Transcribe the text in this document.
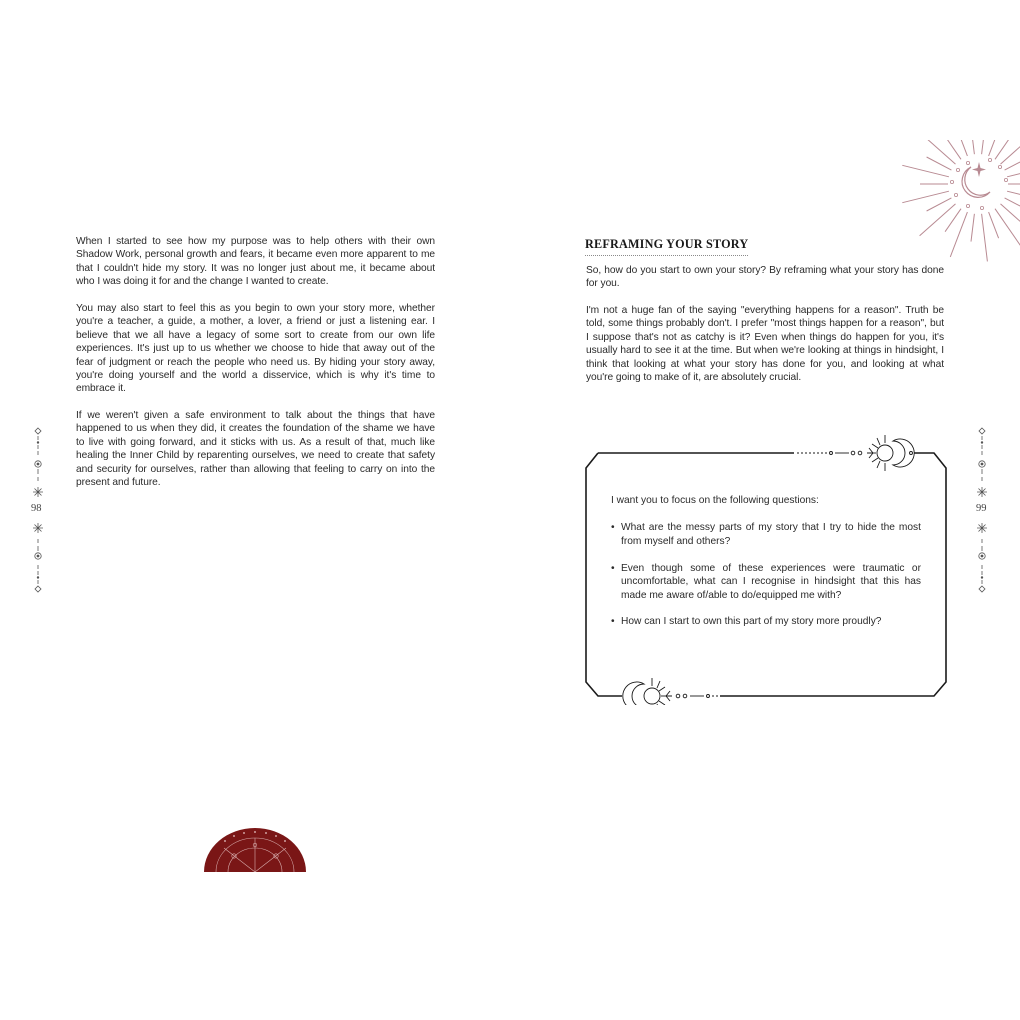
When I started to see how my purpose was to help others with their own Shadow Work, personal growth and fears, it became even more apparent to me that I couldn't hide my story. It was no longer just about me, it became about who I was doing it for and the change I wanted to create.

You may also start to feel this as you begin to own your story more, whether you're a teacher, a guide, a mother, a lover, a friend or just a listening ear. I believe that we all have a legacy of some sort to create from our own life experiences. It's just up to us whether we choose to hide that away out of the fear of judgment or reach the people who need us. By hiding your story away, you're doing yourself and the world a disservice, which is why it's time to embrace it.

If we weren't given a safe environment to talk about the things that have happened to us when they did, it creates the foundation of the shame we have to live with going forward, and it sticks with us. As a result of that, much like healing the Inner Child by reparenting ourselves, we need to create that safety and security for ourselves, rather than allowing that feeling to carry on into the present and future.

98
REFRAMING YOUR STORY

So, how do you start to own your story? By reframing what your story has done for you.

I'm not a huge fan of the saying "everything happens for a reason". Truth be told, some things probably don't. I prefer "most things happen for a reason", but I suppose that's not as catchy is it? Even when things do happen for you, it's usually hard to see it at the time. But when we're looking at things in hindsight, I think that looking at what your story has done for you, and looking at what you're going to make of it, are absolutely crucial.

I want you to focus on the following questions:

• What are the messy parts of my story that I try to hide the most from myself and others?
• Even though some of these experiences were traumatic or uncomfortable, what can I recognise in hindsight that this has made me aware of/able to do/equipped me with?
• How can I start to own this part of my story more proudly?
99
